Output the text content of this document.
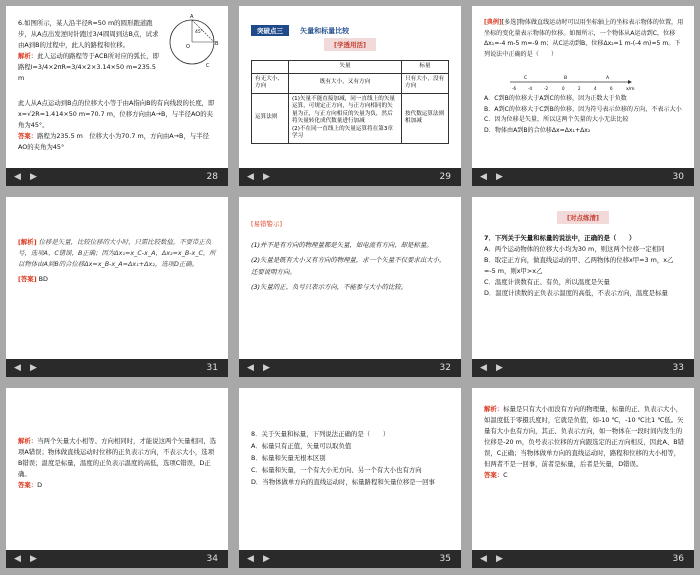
6.如图所示，某人沿半径R=50 m的圆形跑道跑步，从A点出发逆时针跑过3/4圆周到达B点，试求由A到B的过程中，此人的路程和位移。
解析：此人运动的路程等于ACB所对应的弧长，即路程l=3/4×2πR=3/4×2×3.14×50 m=235.5 m
此人从A点运动到B点的位移大小等于由A指向B的有向线段的长度，即x=√2R=1.414×50 m=70.7 m，位移方向由A→B，与半径AO的夹角为45°。
答案：路程为235.5 m　位移大小为70.7 m，方向由A→B，与半径AO的夹角为45°
A
B
C
O
45°
◀ ▶	28
突破点三 矢量和标量比较
[学透用活]
	矢量	标量
有无大小、方向	既有大小，又有方向	只有大小，没有方向
运算法则	(1)矢量不能直接加减，同一直线上的矢量运算，可规定正方向，与正方向相同的矢量为正，与正方向相反的矢量为负，然后将矢量转化成代数量进行加减
(2)不在同一直线上的矢量运算将在第3章学习	按代数运算法则相加减
◀ ▶	29
[典例][多选]物体做直线运动时可以用坐标轴上的坐标表示物体的位置，用坐标的变化量表示物体的位移。如图所示，一个物体从A运动到C，位移Δx₁=-4 m-5 m=-9 m；从C运动到B，位移Δx₂=1 m-(-4 m)=5 m。下列说法中正确的是（　　）
C	B	A
x/m
-6	-4	-2	0	2	4	6
A．C到B的位移大于A到C的位移，因为正数大于负数
B．A到C的位移大于C到B的位移，因为符号表示位移的方向，不表示大小
C．因为位移是矢量，所以这两个矢量的大小无法比较
D．物体由A到B的合位移Δx=Δx₁+Δx₂
◀ ▶	30
[解析] 位移是矢量，比较位移的大小时，只需比较数值，不要带正负号，选项A、C错误，B正确；因为Δx₁=x_C-x_A，Δx₂=x_B-x_C，所以物体由A到B的合位移Δx=x_B-x_A=Δx₁+Δx₂，选项D正确。
[答案] BD
◀ ▶	31
[易错警示]
(1)并不是有方向的物理量都是矢量，如电流有方向，却是标量。
(2)矢量是既有大小又有方向的物理量，求一个矢量不仅要求出大小，还要说明方向。
(3)矢量的正、负号只表示方向，不能参与大小的比较。
◀ ▶	32
[对点练清]
7．下列关于矢量和标量的说法中，正确的是（　　）
A．两个运动物体的位移大小均为30 m，则这两个位移一定相同
B．取定正方向，做直线运动的甲、乙两物体的位移x甲=3 m，x乙=-5 m，则x甲>x乙
C．温度计读数有正、有负，所以温度是矢量
D．温度计读数的正负表示温度的高低，不表示方向，温度是标量
◀ ▶	33
解析：当两个矢量大小相等、方向相同时，才能说这两个矢量相同，选项A错误；物体做直线运动时位移的正负表示方向，不表示大小，选项B错误；温度是标量，温度的正负表示温度的高低，选项C错误，D正确。
答案：D
◀ ▶	34
8．关于矢量和标量，下列说法正确的是（　　）
A．标量只有正值，矢量可以取负值
B．标量和矢量无根本区别
C．标量和矢量，一个有大小无方向、另一个有大小也有方向
D．当物体做单方向的直线运动时，标量路程和矢量位移是一回事
◀ ▶	35
解析：标量是只有大小而没有方向的物理量，标量的正、负表示大小，如温度低于零摄氏度时，它就是负值，如-10 ℃，-10 ℃比1 ℃低。矢量有大小也有方向，其正、负表示方向，如一物体在一段时间内发生的位移是-20 m，负号表示位移的方向跟选定的正方向相反，因此A、B错误，C正确；当物体做单方向的直线运动时，路程和位移的大小相等，但两者不是一回事，前者是标量，后者是矢量，D错误。
答案：C
◀ ▶	36
